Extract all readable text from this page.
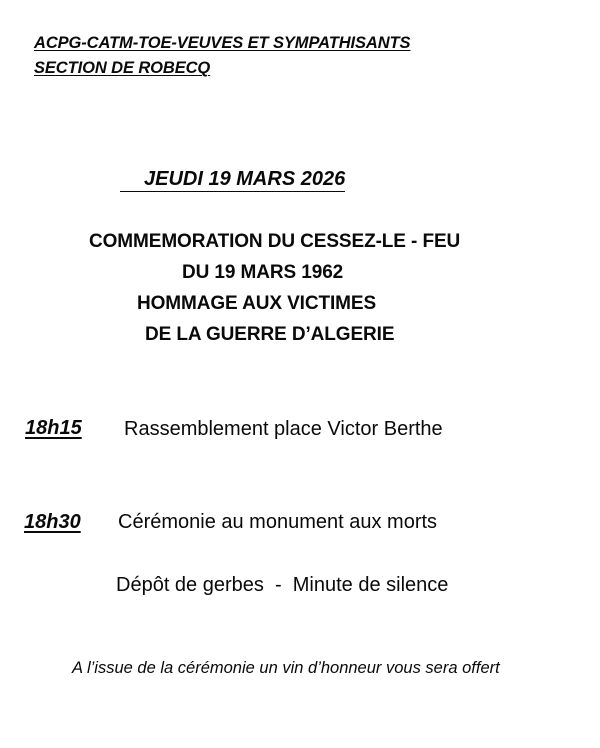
ACPG-CATM-TOE-VEUVES ET SYMPATHISANTS
SECTION DE ROBECQ
JEUDI 19 MARS 2026
COMMEMORATION DU CESSEZ-LE - FEU
DU 19 MARS 1962
HOMMAGE AUX VICTIMES
DE LA GUERRE D’ALGERIE
18h15 Rassemblement place Victor Berthe
18h30 Cérémonie au monument aux morts
Dépôt de gerbes  -  Minute de silence
A l’issue de la cérémonie un vin d’honneur vous sera offert
